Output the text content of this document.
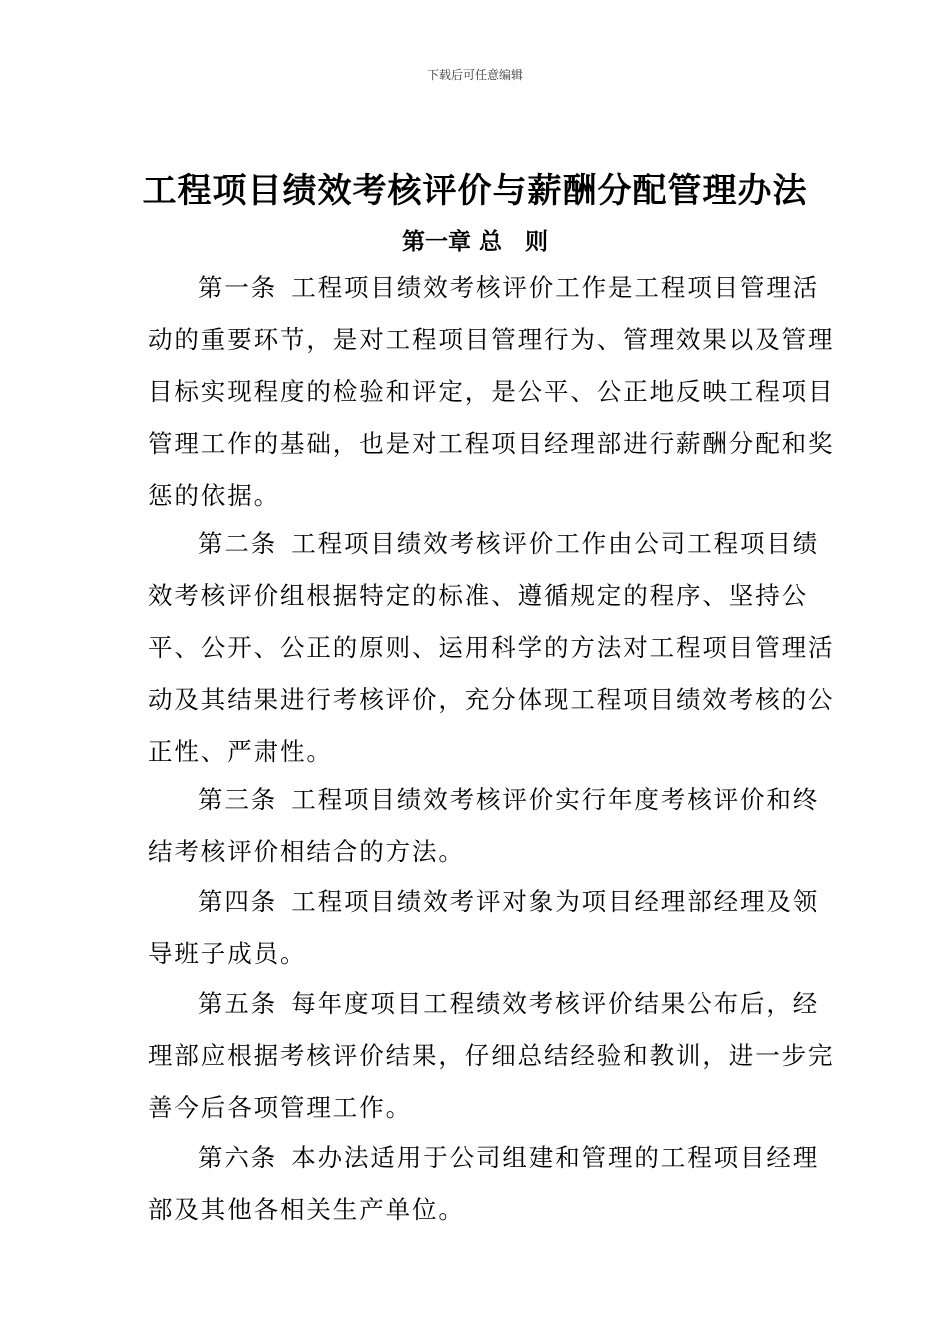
下载后可任意编辑
工程项目绩效考核评价与薪酬分配管理办法
第一章 总　则

第一条 工程项目绩效考核评价工作是工程项目管理活动的重要环节，是对工程项目管理行为、管理效果以及管理目标实现程度的检验和评定，是公平、公正地反映工程项目管理工作的基础，也是对工程项目经理部进行薪酬分配和奖惩的依据。

第二条 工程项目绩效考核评价工作由公司工程项目绩效考核评价组根据特定的标准、遵循规定的程序、坚持公平、公开、公正的原则、运用科学的方法对工程项目管理活动及其结果进行考核评价，充分体现工程项目绩效考核的公正性、严肃性。

第三条 工程项目绩效考核评价实行年度考核评价和终结考核评价相结合的方法。

第四条 工程项目绩效考评对象为项目经理部经理及领导班子成员。

第五条 每年度项目工程绩效考核评价结果公布后，经理部应根据考核评价结果，仔细总结经验和教训，进一步完善今后各项管理工作。

第六条 本办法适用于公司组建和管理的工程项目经理部及其他各相关生产单位。
